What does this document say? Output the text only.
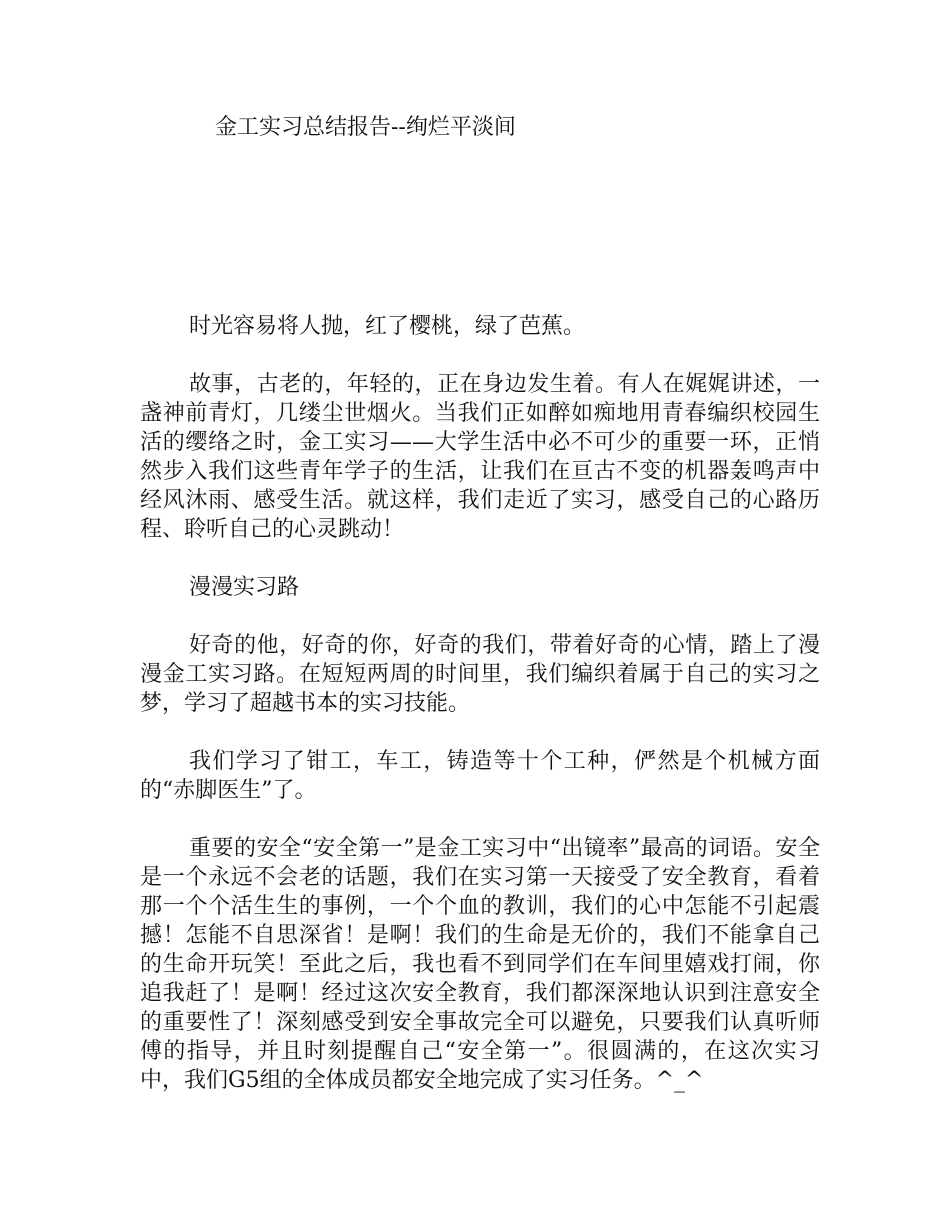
金工实习总结报告--绚烂平淡间

时光容易将人抛，红了樱桃，绿了芭蕉。

故事，古老的，年轻的，正在身边发生着。有人在娓娓讲述，一盏神前青灯，几缕尘世烟火。当我们正如醉如痴地用青春编织校园生活的缨络之时，金工实习——大学生活中必不可少的重要一环，正悄然步入我们这些青年学子的生活，让我们在亘古不变的机器轰鸣声中经风沐雨、感受生活。就这样，我们走近了实习，感受自己的心路历程、聆听自己的心灵跳动！

漫漫实习路

好奇的他，好奇的你，好奇的我们，带着好奇的心情，踏上了漫漫金工实习路。在短短两周的时间里，我们编织着属于自己的实习之梦，学习了超越书本的实习技能。

我们学习了钳工，车工，铸造等十个工种，俨然是个机械方面的“赤脚医生”了。

重要的安全“安全第一”是金工实习中“出镜率”最高的词语。安全是一个永远不会老的话题，我们在实习第一天接受了安全教育，看着那一个个活生生的事例，一个个血的教训，我们的心中怎能不引起震撼！怎能不自思深省！是啊！我们的生命是无价的，我们不能拿自己的生命开玩笑！至此之后，我也看不到同学们在车间里嬉戏打闹，你追我赶了！是啊！经过这次安全教育，我们都深深地认识到注意安全的重要性了！深刻感受到安全事故完全可以避免，只要我们认真听师傅的指导，并且时刻提醒自己“安全第一”。很圆满的，在这次实习中，我们G5组的全体成员都安全地完成了实习任务。^_^
